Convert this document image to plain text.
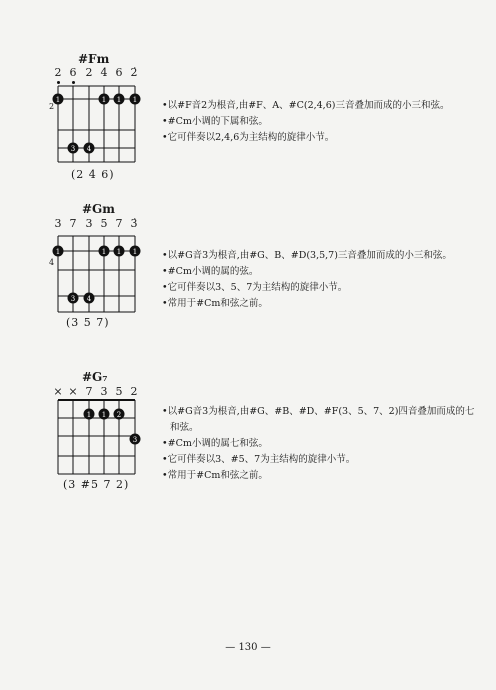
#Fm
2 6 2 4 6 2̇
2
1	1 1 1
3 4
(2 4 6)

•以#F音2为根音,由#F、A、#C(2,4,6)三音叠加而成的小三和弦。

•#Cm小调的下属和弦。

•它可伴奏以2,4,6为主结构的旋律小节。

#Gm
3 7 3 5 7 3̇
4
1	1 1 1
3 4
(3 5 7)

•以#G音3为根音,由#G、B、#D(3,5,7)三音叠加而成的小三和弦。

•#Cm小调的属的弦。

•它可伴奏以3、5、7为主结构的旋律小节。

•常用于#Cm和弦之前。

#G₇
× × 7 3 5 2
1 1 2
3
(3 #5 7 2)

•以#G音3为根音,由#G、#B、#D、#F(3、5、7、2)四音叠加而成的七

和弦。

•#Cm小调的属七和弦。

•它可伴奏以3、#5、7为主结构的旋律小节。

•常用于#Cm和弦之前。

— 130 —
